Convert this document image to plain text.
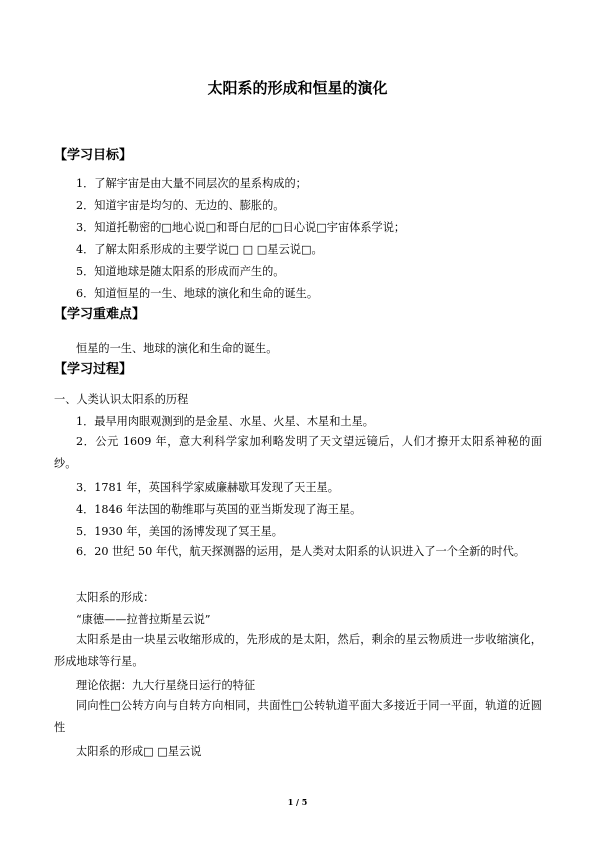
太阳系的形成和恒星的演化
【学习目标】
1．了解宇宙是由大量不同层次的星系构成的；
2．知道宇宙是均匀的、无边的、膨胀的。
3．知道托勒密的□地心说□和哥白尼的□日心说□宇宙体系学说；
4．了解太阳系形成的主要学说□ □ □星云说□。
5．知道地球是随太阳系的形成而产生的。
6．知道恒星的一生、地球的演化和生命的诞生。
【学习重难点】
恒星的一生、地球的演化和生命的诞生。
【学习过程】
一、人类认识太阳系的历程
1．最早用肉眼观测到的是金星、水星、火星、木星和土星。
2．公元 1609 年，意大利科学家加利略发明了天文望远镜后，人们才撩开太阳系神秘的面纱。
3．1781 年，英国科学家威廉赫歇耳发现了天王星。
4．1846 年法国的勒维耶与英国的亚当斯发现了海王星。
5．1930 年，美国的汤博发现了冥王星。
6．20 世纪 50 年代，航天探测器的运用，是人类对太阳系的认识进入了一个全新的时代。
太阳系的形成：
“康德——拉普拉斯星云说”
太阳系是由一块星云收缩形成的，先形成的是太阳，然后，剩余的星云物质进一步收缩演化，形成地球等行星。
理论依据：九大行星绕日运行的特征
同向性□公转方向与自转方向相同，共面性□公转轨道平面大多接近于同一平面，轨道的近圆性
太阳系的形成□ □星云说
1 / 5
